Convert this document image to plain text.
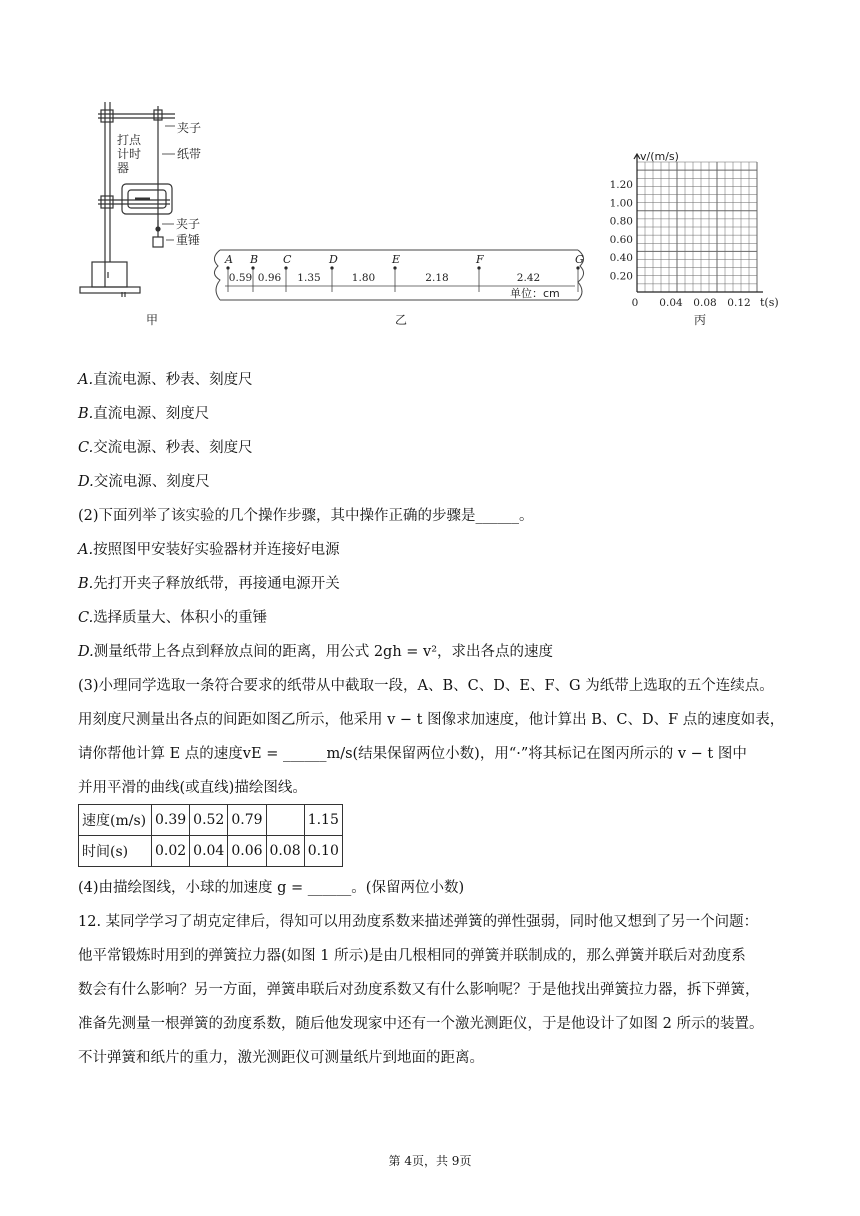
夹子
纸带
打点
计时
器
夹子
重锤
甲
A B C	D	E	F	G
0.59 0.96 1.35	1.80	2.18	2.42
单位：cm
乙
1.20
1.00
0.80
0.60
0.40
0.20
0 0.04 0.08 0.12
v/(m/s)
t(s)
丙
A.直流电源、秒表、刻度尺
B.直流电源、刻度尺
C.交流电源、秒表、刻度尺
D.交流电源、刻度尺
(2)下面列举了该实验的几个操作步骤，其中操作正确的步骤是______。
A.按照图甲安装好实验器材并连接好电源
B.先打开夹子释放纸带，再接通电源开关
C.选择质量大、体积小的重锤
D.测量纸带上各点到释放点间的距离，用公式 2gh = v²，求出各点的速度
(3)小理同学选取一条符合要求的纸带从中截取一段，A、B、C、D、E、F、G 为纸带上选取的五个连续点。
用刻度尺测量出各点的间距如图乙所示，他采用 v − t 图像求加速度，他计算出 B、C、D、F 点的速度如表，
请你帮他计算 E 点的速度vE = ______m/s(结果保留两位小数)，用“·”将其标记在图丙所示的 v − t 图中
并用平滑的曲线(或直线)描绘图线。
速度(m/s)	0.39	0.52	0.79		1.15
时间(s)	0.02	0.04	0.06	0.08	0.10
(4)由描绘图线，小球的加速度 g = ______。(保留两位小数)
12. 某同学学习了胡克定律后，得知可以用劲度系数来描述弹簧的弹性强弱，同时他又想到了另一个问题：
他平常锻炼时用到的弹簧拉力器(如图 1 所示)是由几根相同的弹簧并联制成的，那么弹簧并联后对劲度系
数会有什么影响？另一方面，弹簧串联后对劲度系数又有什么影响呢？于是他找出弹簧拉力器，拆下弹簧，
准备先测量一根弹簧的劲度系数，随后他发现家中还有一个激光测距仪，于是他设计了如图 2 所示的装置。
不计弹簧和纸片的重力，激光测距仪可测量纸片到地面的距离。
第 4页，共 9页
